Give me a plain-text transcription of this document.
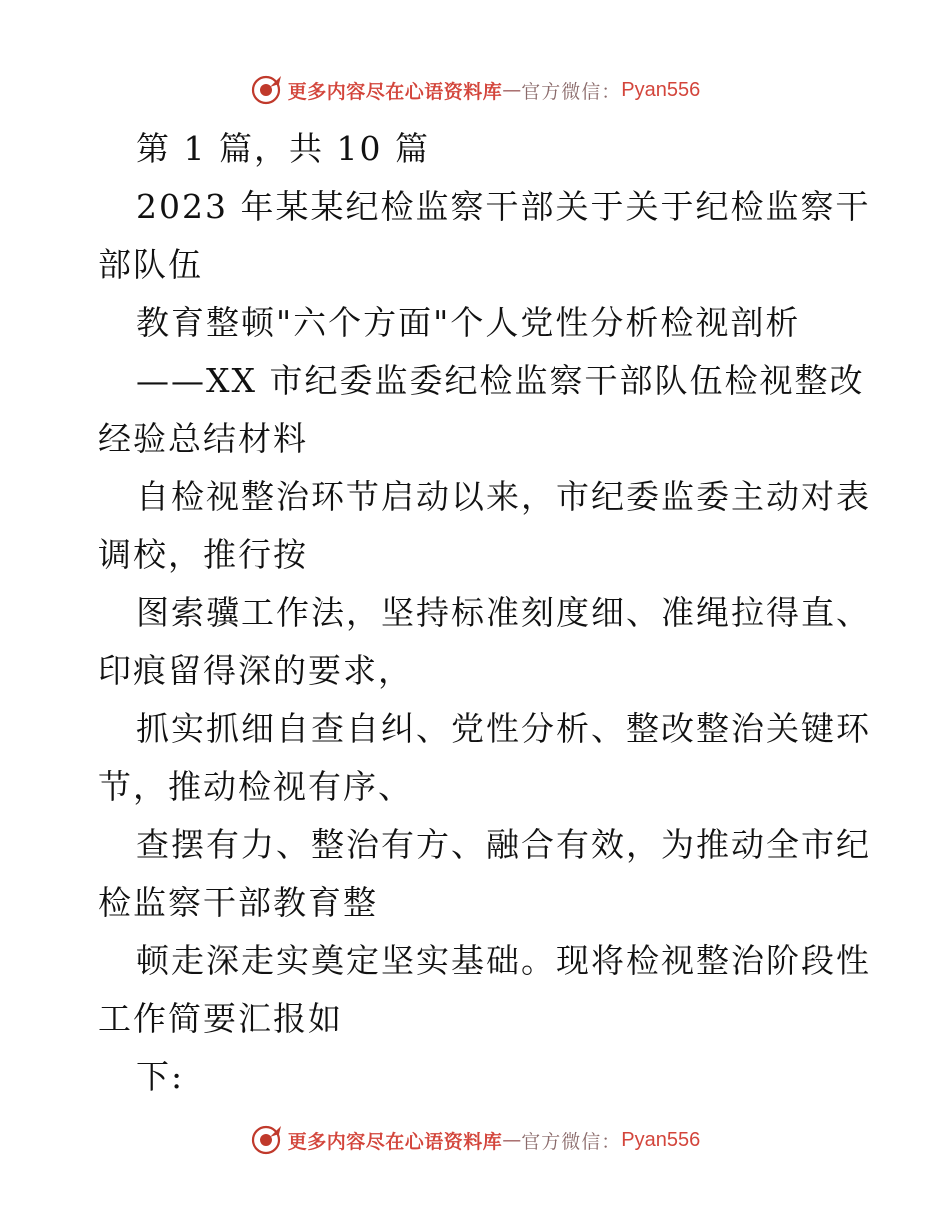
更多内容尽在心语资料库 — 官方微信： Pyan556

第 1 篇，共 10 篇

2023 年某某纪检监察干部关于关于纪检监察干

部队伍

教育整顿"六个方面"个人党性分析检视剖析

——XX 市纪委监委纪检监察干部队伍检视整改

经验总结材料

自检视整治环节启动以来，市纪委监委主动对表

调校，推行按

图索骥工作法，坚持标准刻度细、准绳拉得直、

印痕留得深的要求，

抓实抓细自查自纠、党性分析、整改整治关键环

节，推动检视有序、

查摆有力、整治有方、融合有效，为推动全市纪

检监察干部教育整

顿走深走实奠定坚实基础。现将检视整治阶段性

工作简要汇报如

下:

更多内容尽在心语资料库 — 官方微信： Pyan556
